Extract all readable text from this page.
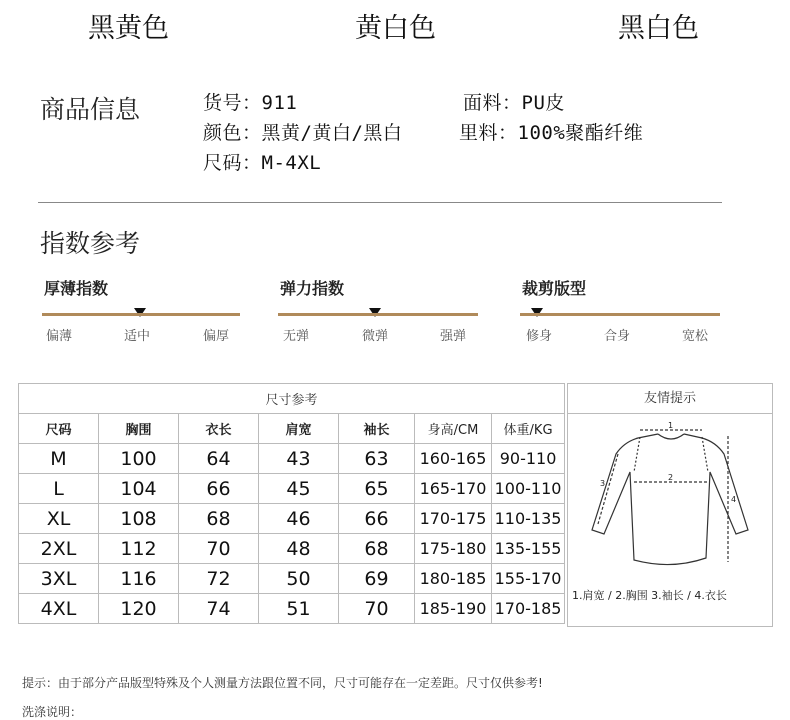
黑黄色	黄白色	黑白色
商品信息	货号：911	面料：PU皮
颜色：黑黄/黄白/黑白	里料：100%聚酯纤维
尺码：M-4XL
指数参考
厚薄指数
偏薄	适中	偏厚
弹力指数
无弹	微弹	强弹
裁剪版型
修身	合身	宽松
尺寸参考						
尺码	胸围	衣长	肩宽	袖长	身高/CM	体重/KG
M	100	64	43	63	160-165	90-110
L	104	66	45	65	165-170	100-110
XL	108	68	46	66	170-175	110-135
2XL	112	70	48	68	175-180	135-155
3XL	116	72	50	69	180-185	155-170
4XL	120	74	51	70	185-190	170-185
友情提示
1
2
3
4
1.肩宽 / 2.胸围 3.袖长 / 4.衣长
提示：由于部分产品版型特殊及个人测量方法跟位置不同，尺寸可能存在一定差距。尺寸仅供参考!
洗涤说明：
